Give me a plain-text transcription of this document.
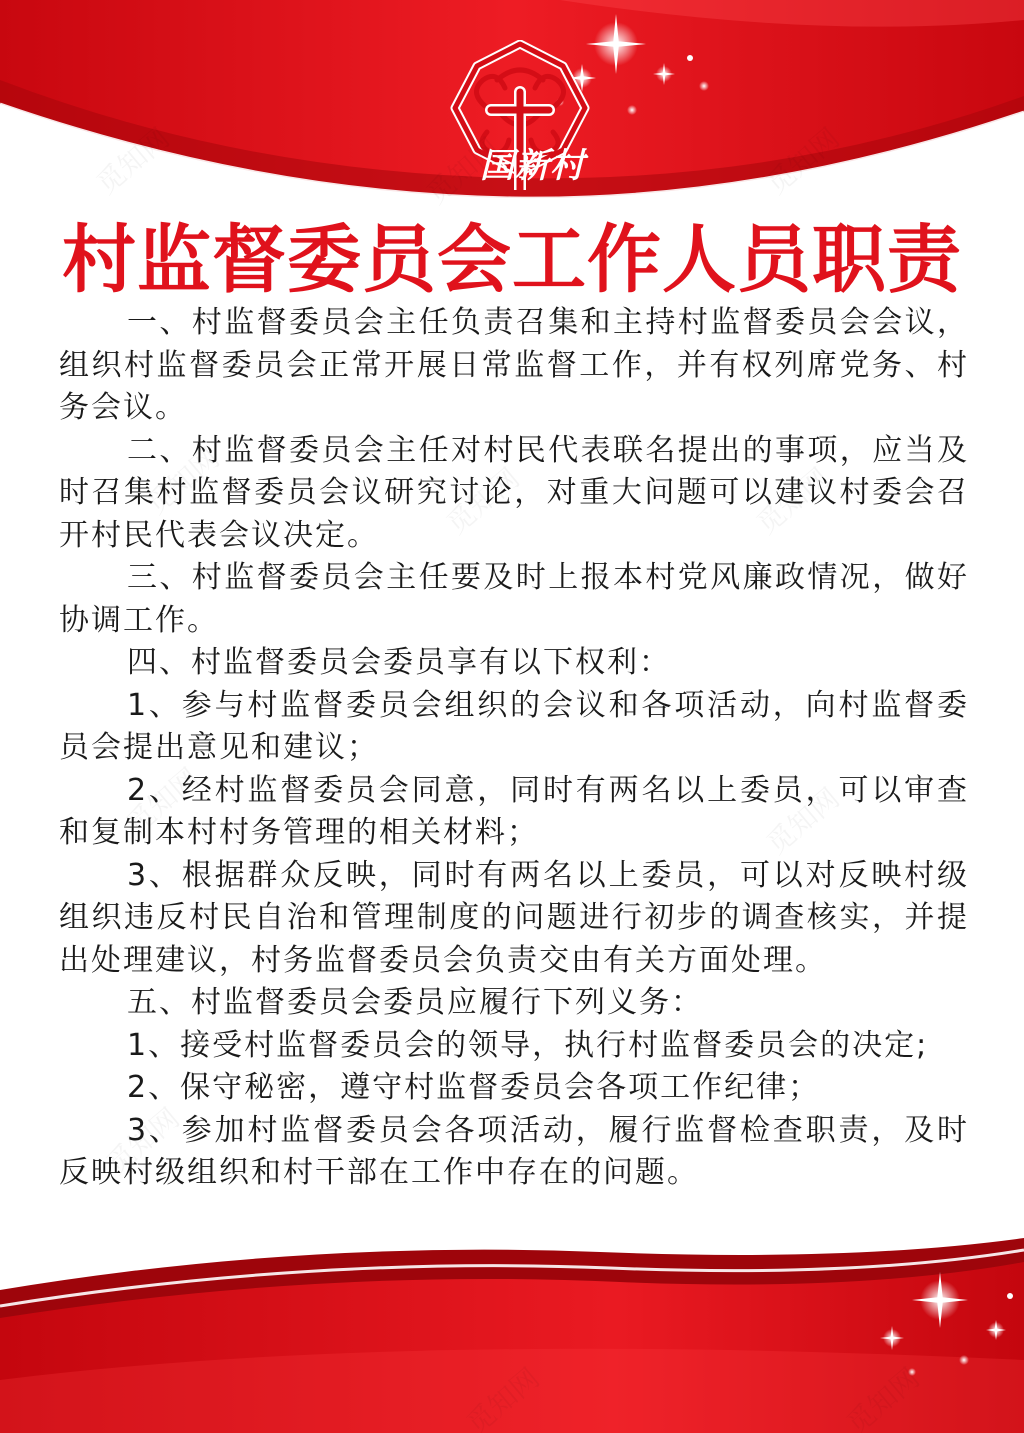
国新村
村监督委员会工作人员职责

一、村监督委员会主任负责召集和主持村监督委员会会议，组织村监督委员会正常开展日常监督工作，并有权列席党务、村务会议。

二、村监督委员会主任对村民代表联名提出的事项，应当及时召集村监督委员会议研究讨论，对重大问题可以建议村委会召开村民代表会议决定。

三、村监督委员会主任要及时上报本村党风廉政情况，做好协调工作。

四、村监督委员会委员享有以下权利：

1、参与村监督委员会组织的会议和各项活动，向村监督委员会提出意见和建议；

2、经村监督委员会同意，同时有两名以上委员，可以审查和复制本村村务管理的相关材料；

3、根据群众反映，同时有两名以上委员，可以对反映村级组织违反村民自治和管理制度的问题进行初步的调查核实，并提出处理建议，村务监督委员会负责交由有关方面处理。

五、村监督委员会委员应履行下列义务：

1、接受村监督委员会的领导，执行村监督委员会的决定;

2、保守秘密，遵守村监督委员会各项工作纪律；

3、参加村监督委员会各项活动，履行监督检查职责，及时反映村级组织和村干部在工作中存在的问题。
